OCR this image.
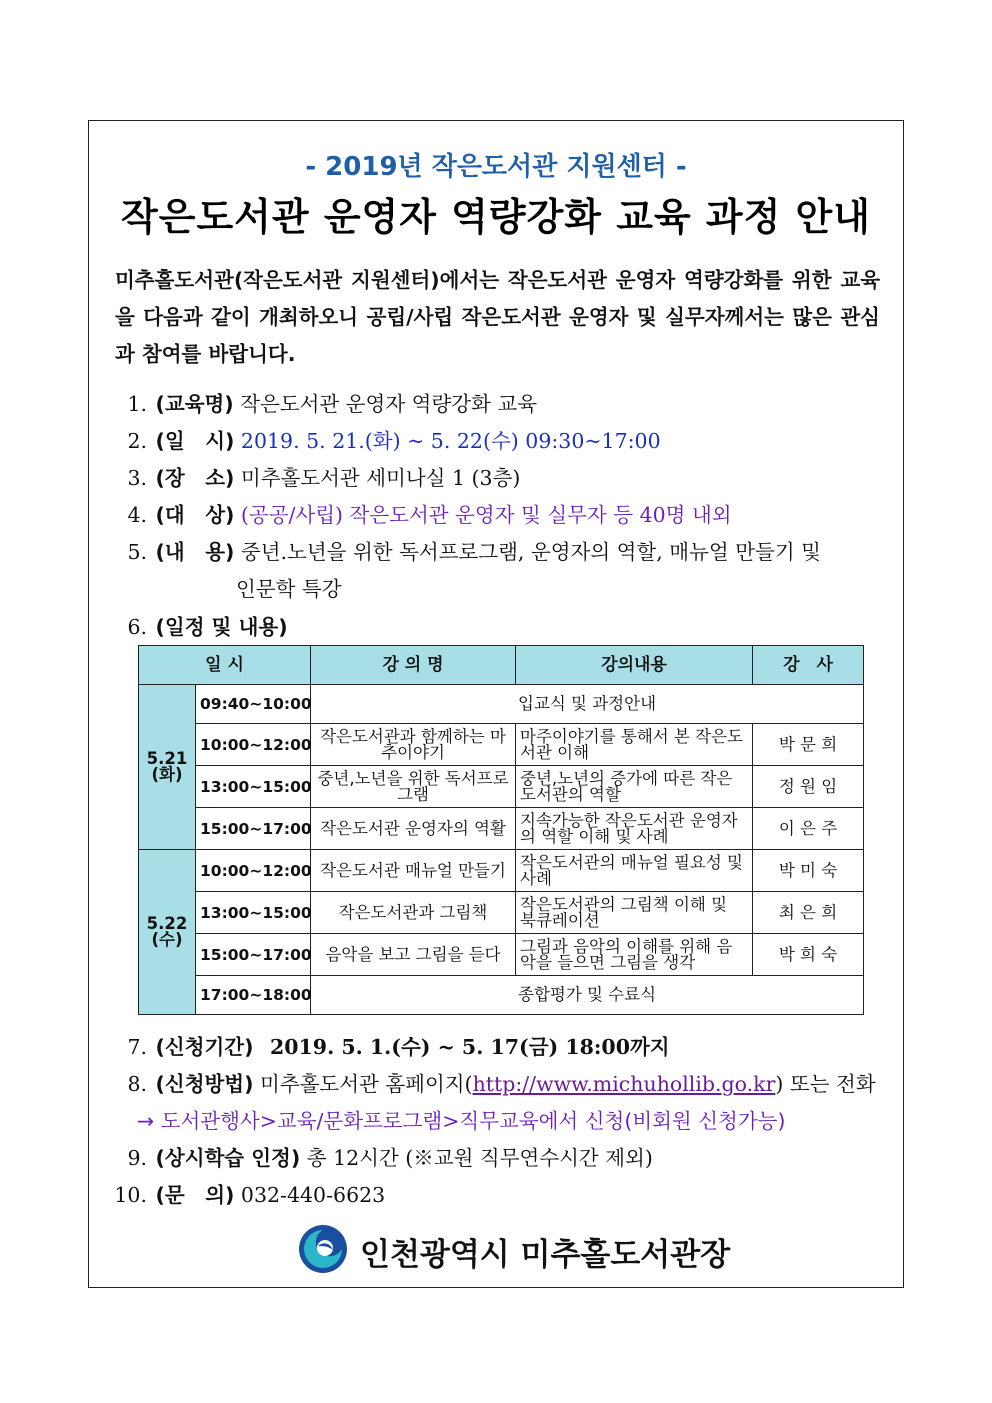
- 2019년 작은도서관 지원센터 -
작은도서관 운영자 역량강화 교육 과정 안내
미추홀도서관(작은도서관 지원센터)에서는 작은도서관 운영자 역량강화를 위한 교육을 다음과 같이 개최하오니 공립/사립 작은도서관 운영자 및 실무자께서는 많은 관심과 참여를 바랍니다.
1. (교육명) 작은도서관 운영자 역량강화 교육
2. (일　시) 2019. 5. 21.(화) ~ 5. 22(수) 09:30~17:00
3. (장　소) 미추홀도서관 세미나실 1 (3층)
4. (대　상) (공공/사립) 작은도서관 운영자 및 실무자 등 40명 내외
5. (내　용) 중년.노년을 위한 독서프로그램, 운영자의 역할, 매뉴얼 만들기 및
인문학 특강
6. (일정 및 내용)
일 시		강 의 명	강의내용	강　사
5.21
(화)	09:40~10:00	입교식 및 과정안내		
	10:00~12:00	작은도서관과 함께하는 마추이야기	마주이야기를 통해서 본 작은도서관 이해	박 문 희
	13:00~15:00	중년,노년을 위한 독서프로그램	중년,노년의 증가에 따른 작은도서관의 역할	정 원 임
	15:00~17:00	작은도서관 운영자의 역활	지속가능한 작은도서관 운영자의 역할 이해 및 사례	이 은 주
5.22
(수)	10:00~12:00	작은도서관 매뉴얼 만들기	작은도서관의 매뉴얼 필요성 및 사례	박 미 숙
	13:00~15:00	작은도서관과 그림책	작은도서관의 그림책 이해 및 북큐레이션	최 은 희
	15:00~17:00	음악을 보고 그림을 듣다	그림과 음악의 이해를 위해 음악을 들으면 그림을 생각	박 희 숙
	17:00~18:00	종합평가 및 수료식		
7. (신청기간) 2019. 5. 1.(수) ~ 5. 17(금) 18:00까지
8. (신청방법) 미추홀도서관 홈페이지(http://www.michuhollib.go.kr) 또는 전화
→ 도서관행사>교육/문화프로그램>직무교육에서 신청(비회원 신청가능)
9. (상시학습 인정) 총 12시간 (※교원 직무연수시간 제외)
10. (문　의) 032-440-6623
인천광역시 미추홀도서관장
